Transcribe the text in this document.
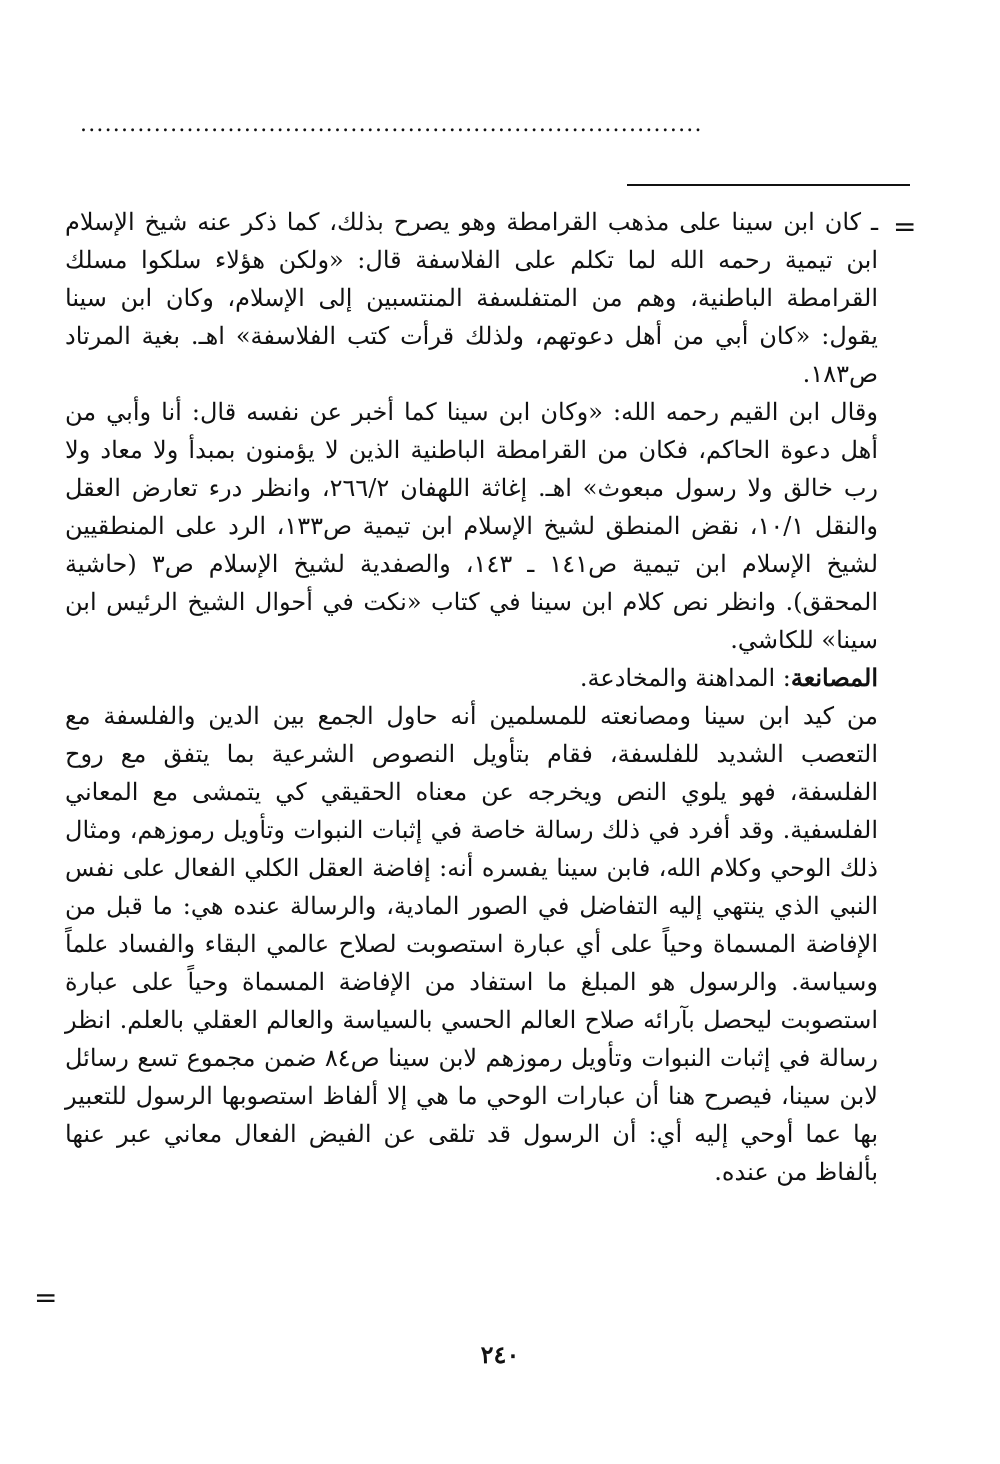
............................................................................
=

ـ كان ابن سينا على مذهب القرامطة وهو يصرح بذلك، كما ذكر عنه شيخ الإسلام ابن تيمية رحمه الله لما تكلم على الفلاسفة قال: «ولكن هؤلاء سلكوا مسلك القرامطة الباطنية، وهم من المتفلسفة المنتسبين إلى الإسلام، وكان ابن سينا يقول: «كان أبي من أهل دعوتهم، ولذلك قرأت كتب الفلاسفة» اهـ. بغية المرتاد ص١٨٣.

وقال ابن القيم رحمه الله: «وكان ابن سينا كما أخبر عن نفسه قال: أنا وأبي من أهل دعوة الحاكم، فكان من القرامطة الباطنية الذين لا يؤمنون بمبدأ ولا معاد ولا رب خالق ولا رسول مبعوث» اهـ. إغاثة اللهفان ٢٦٦/٢، وانظر درء تعارض العقل والنقل ١٠/١، نقض المنطق لشيخ الإسلام ابن تيمية ص١٣٣، الرد على المنطقيين لشيخ الإسلام ابن تيمية ص١٤١ ـ ١٤٣، والصفدية لشيخ الإسلام ص٣ (حاشية المحقق). وانظر نص كلام ابن سينا في كتاب «نكت في أحوال الشيخ الرئيس ابن سينا» للكاشي.

المصانعة: المداهنة والمخادعة.

من كيد ابن سينا ومصانعته للمسلمين أنه حاول الجمع بين الدين والفلسفة مع التعصب الشديد للفلسفة، فقام بتأويل النصوص الشرعية بما يتفق مع روح الفلسفة، فهو يلوي النص ويخرجه عن معناه الحقيقي كي يتمشى مع المعاني الفلسفية. وقد أفرد في ذلك رسالة خاصة في إثبات النبوات وتأويل رموزهم، ومثال ذلك الوحي وكلام الله، فابن سينا يفسره أنه: إفاضة العقل الكلي الفعال على نفس النبي الذي ينتهي إليه التفاضل في الصور المادية، والرسالة عنده هي: ما قبل من الإفاضة المسماة وحياً على أي عبارة استصوبت لصلاح عالمي البقاء والفساد علماً وسياسة. والرسول هو المبلغ ما استفاد من الإفاضة المسماة وحياً على عبارة استصوبت ليحصل بآرائه صلاح العالم الحسي بالسياسة والعالم العقلي بالعلم. انظر رسالة في إثبات النبوات وتأويل رموزهم لابن سينا ص٨٤ ضمن مجموع تسع رسائل لابن سينا، فيصرح هنا أن عبارات الوحي ما هي إلا ألفاظ استصوبها الرسول للتعبير بها عما أوحي إليه أي: أن الرسول قد تلقى عن الفيض الفعال معاني عبر عنها بألفاظ من عنده.

=
٢٤٠
